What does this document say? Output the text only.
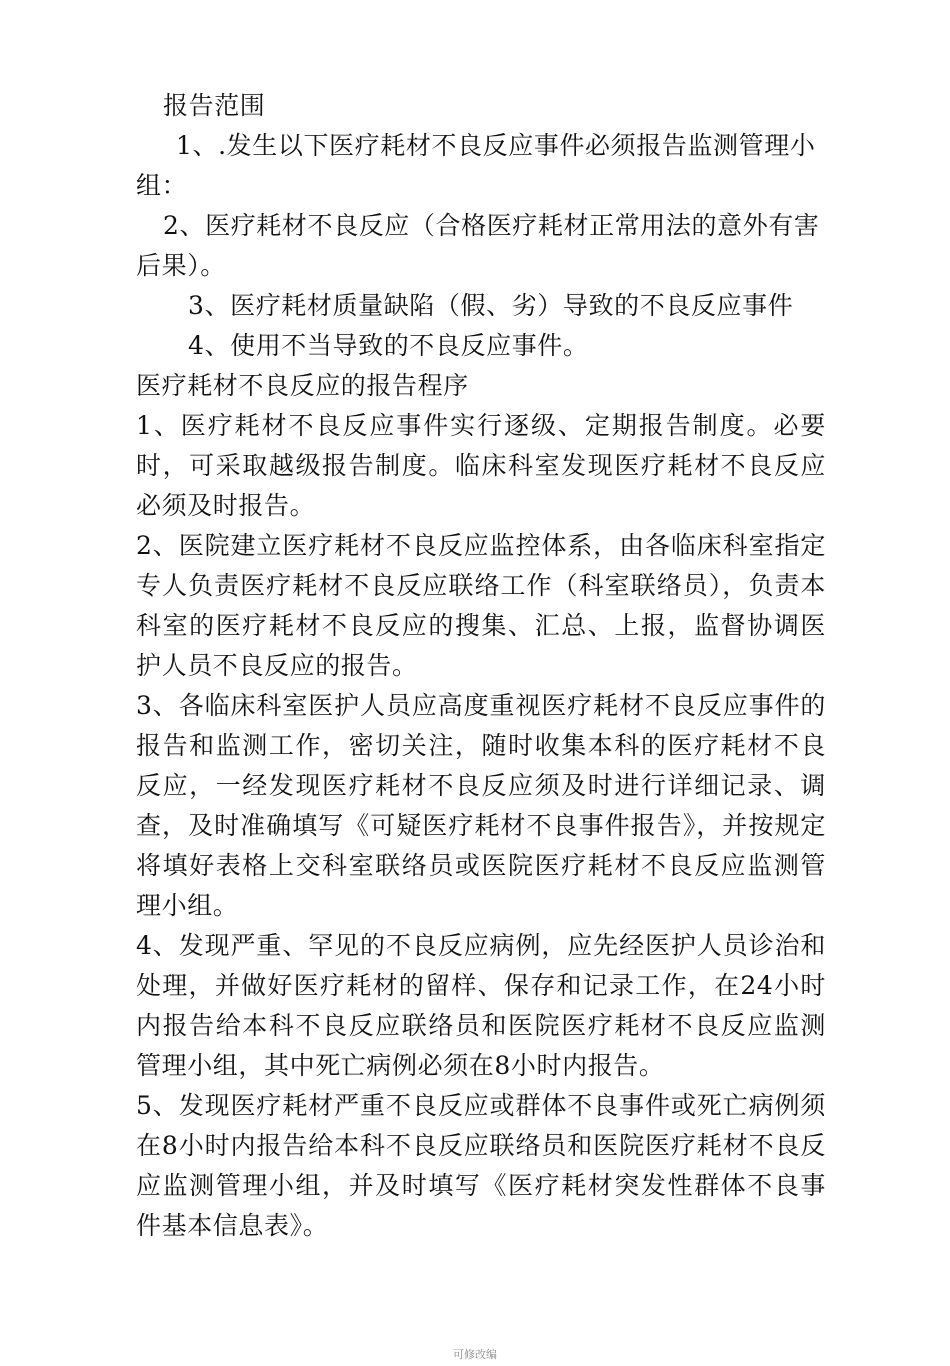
报告范围
1、.发生以下医疗耗材不良反应事件必须报告监测管理小
组：
2、医疗耗材不良反应（合格医疗耗材正常用法的意外有害
后果）。
3、医疗耗材质量缺陷（假、劣）导致的不良反应事件
4、使用不当导致的不良反应事件。
医疗耗材不良反应的报告程序
1、医疗耗材不良反应事件实行逐级、定期报告制度。必要时，可采取越级报告制度。临床科室发现医疗耗材不良反应必须及时报告。
2、医院建立医疗耗材不良反应监控体系，由各临床科室指定专人负责医疗耗材不良反应联络工作（科室联络员），负责本科室的医疗耗材不良反应的搜集、汇总、上报，监督协调医护人员不良反应的报告。
3、各临床科室医护人员应高度重视医疗耗材不良反应事件的报告和监测工作，密切关注，随时收集本科的医疗耗材不良反应，一经发现医疗耗材不良反应须及时进行详细记录、调查，及时准确填写《可疑医疗耗材不良事件报告》，并按规定将填好表格上交科室联络员或医院医疗耗材不良反应监测管理小组。
4、发现严重、罕见的不良反应病例，应先经医护人员诊治和处理，并做好医疗耗材的留样、保存和记录工作，在24小时内报告给本科不良反应联络员和医院医疗耗材不良反应监测管理小组，其中死亡病例必须在8小时内报告。
5、发现医疗耗材严重不良反应或群体不良事件或死亡病例须在8小时内报告给本科不良反应联络员和医院医疗耗材不良反应监测管理小组，并及时填写《医疗耗材突发性群体不良事件基本信息表》。
可修改编
